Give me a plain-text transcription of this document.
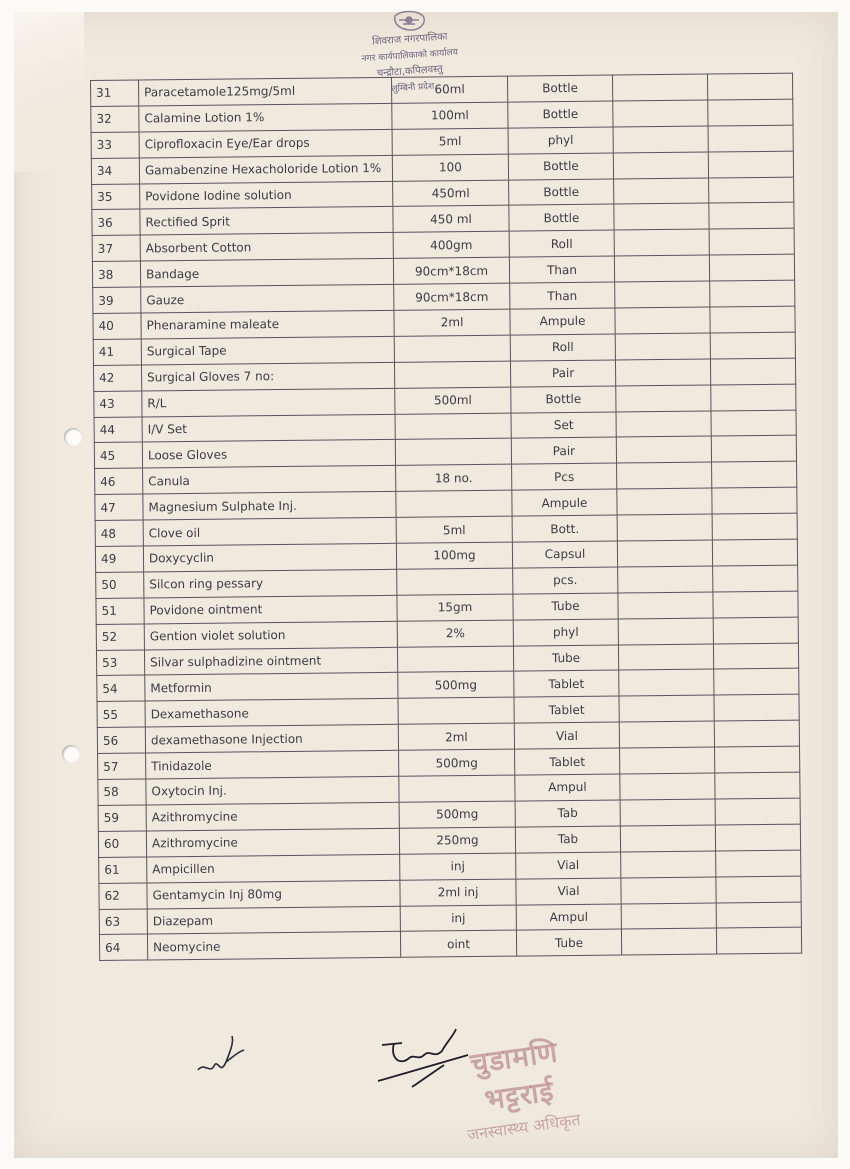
शिवराज नगरपालिका
नगर कार्यपालिकाको कार्यालय
चन्द्रौटा,कपिलवस्तु
लुम्बिनी प्रदेश
31	Paracetamole125mg/5ml	60ml	Bottle		
32	Calamine Lotion 1%	100ml	Bottle		
33	Ciprofloxacin Eye/Ear drops	5ml	phyl		
34	Gamabenzine Hexacholoride Lotion 1%	100	Bottle		
35	Povidone Iodine solution	450ml	Bottle		
36	Rectified Sprit	450 ml	Bottle		
37	Absorbent Cotton	400gm	Roll		
38	Bandage	90cm*18cm	Than		
39	Gauze	90cm*18cm	Than		
40	Phenaramine maleate	2ml	Ampule		
41	Surgical Tape		Roll		
42	Surgical Gloves 7 no:		Pair		
43	R/L	500ml	Bottle		
44	I/V Set		Set		
45	Loose Gloves		Pair		
46	Canula	18 no.	Pcs		
47	Magnesium Sulphate Inj.		Ampule		
48	Clove oil	5ml	Bott.		
49	Doxycyclin	100mg	Capsul		
50	Silcon ring pessary		pcs.		
51	Povidone ointment	15gm	Tube		
52	Gention violet solution	2%	phyl		
53	Silvar sulphadizine ointment		Tube		
54	Metformin	500mg	Tablet		
55	Dexamethasone		Tablet		
56	dexamethasone Injection	2ml	Vial		
57	Tinidazole	500mg	Tablet		
58	Oxytocin Inj.		Ampul		
59	Azithromycine	500mg	Tab		
60	Azithromycine	250mg	Tab		
61	Ampicillen	inj	Vial		
62	Gentamycin Inj 80mg	2ml inj	Vial		
63	Diazepam	inj	Ampul		
64	Neomycine	oint	Tube		
चुडामणि भट्टराई
जनस्वास्थ्य अधिकृत
